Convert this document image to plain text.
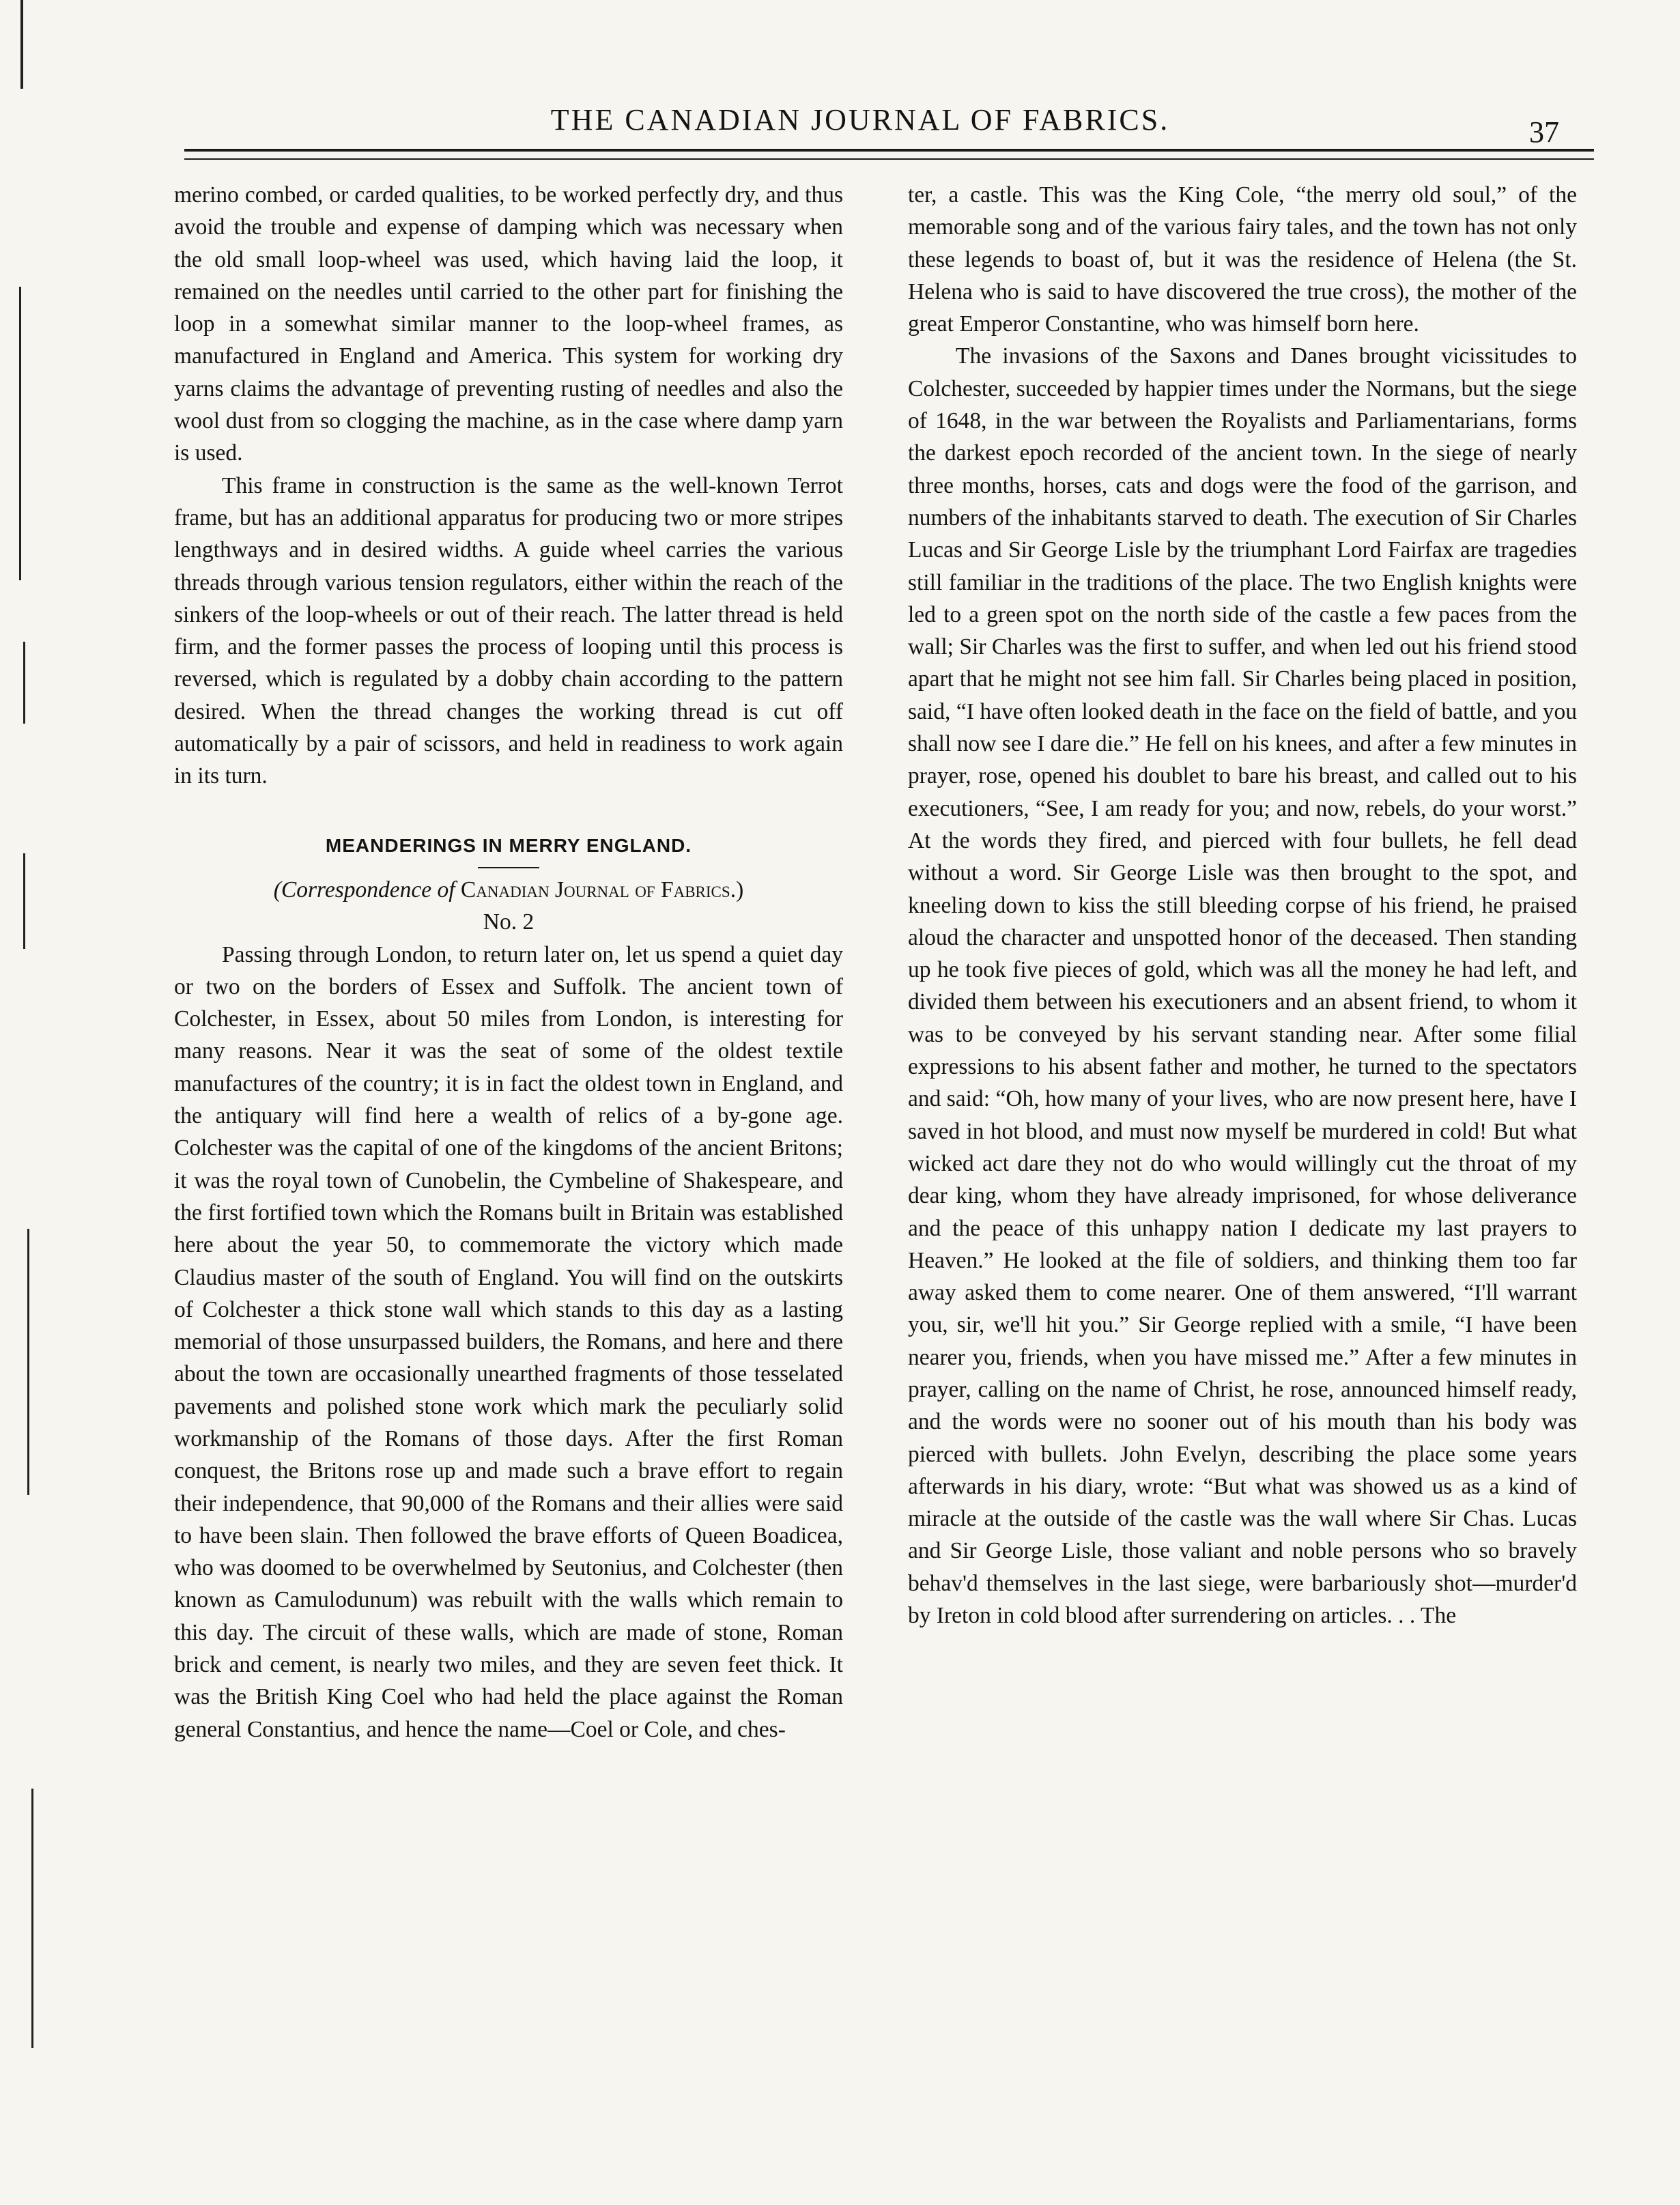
THE CANADIAN JOURNAL OF FABRICS.	37

merino combed, or carded qualities, to be worked perfectly dry, and thus avoid the trouble and expense of damping which was necessary when the old small loop-wheel was used, which having laid the loop, it remained on the needles until carried to the other part for finishing the loop in a somewhat similar manner to the loop-wheel frames, as manufactured in England and America. This system for working dry yarns claims the advantage of preventing rusting of needles and also the wool dust from so clogging the machine, as in the case where damp yarn is used.

This frame in construction is the same as the well-known Terrot frame, but has an additional apparatus for producing two or more stripes lengthways and in desired widths. A guide wheel carries the various threads through various tension regulators, either within the reach of the sinkers of the loop-wheels or out of their reach. The latter thread is held firm, and the former passes the process of looping until this process is reversed, which is regulated by a dobby chain according to the pattern desired. When the thread changes the working thread is cut off automatically by a pair of scissors, and held in readiness to work again in its turn.

MEANDERINGS IN MERRY ENGLAND.
(Correspondence of Canadian Journal of Fabrics.)
No. 2

Passing through London, to return later on, let us spend a quiet day or two on the borders of Essex and Suffolk. The ancient town of Colchester, in Essex, about 50 miles from London, is interesting for many reasons. Near it was the seat of some of the oldest textile manufactures of the country; it is in fact the oldest town in England, and the antiquary will find here a wealth of relics of a by-gone age. Colchester was the capital of one of the kingdoms of the ancient Britons; it was the royal town of Cunobelin, the Cymbeline of Shakespeare, and the first fortified town which the Romans built in Britain was established here about the year 50, to commemorate the victory which made Claudius master of the south of England. You will find on the outskirts of Colchester a thick stone wall which stands to this day as a lasting memorial of those unsurpassed builders, the Romans, and here and there about the town are occasionally unearthed fragments of those tesselated pavements and polished stone work which mark the peculiarly solid workmanship of the Romans of those days. After the first Roman conquest, the Britons rose up and made such a brave effort to regain their independence, that 90,000 of the Romans and their allies were said to have been slain. Then followed the brave efforts of Queen Boadicea, who was doomed to be overwhelmed by Seutonius, and Colchester (then known as Camulodunum) was rebuilt with the walls which remain to this day. The circuit of these walls, which are made of stone, Roman brick and cement, is nearly two miles, and they are seven feet thick. It was the British King Coel who had held the place against the Roman general Constantius, and hence the name—Coel or Cole, and ches-

ter, a castle. This was the King Cole, “the merry old soul,” of the memorable song and of the various fairy tales, and the town has not only these legends to boast of, but it was the residence of Helena (the St. Helena who is said to have discovered the true cross), the mother of the great Emperor Constantine, who was himself born here.

The invasions of the Saxons and Danes brought vicissitudes to Colchester, succeeded by happier times under the Normans, but the siege of 1648, in the war between the Royalists and Parliamentarians, forms the darkest epoch recorded of the ancient town. In the siege of nearly three months, horses, cats and dogs were the food of the garrison, and numbers of the inhabitants starved to death. The execution of Sir Charles Lucas and Sir George Lisle by the triumphant Lord Fairfax are tragedies still familiar in the traditions of the place. The two English knights were led to a green spot on the north side of the castle a few paces from the wall; Sir Charles was the first to suffer, and when led out his friend stood apart that he might not see him fall. Sir Charles being placed in position, said, “I have often looked death in the face on the field of battle, and you shall now see I dare die.” He fell on his knees, and after a few minutes in prayer, rose, opened his doublet to bare his breast, and called out to his executioners, “See, I am ready for you; and now, rebels, do your worst.” At the words they fired, and pierced with four bullets, he fell dead without a word. Sir George Lisle was then brought to the spot, and kneeling down to kiss the still bleeding corpse of his friend, he praised aloud the character and unspotted honor of the deceased. Then standing up he took five pieces of gold, which was all the money he had left, and divided them between his executioners and an absent friend, to whom it was to be conveyed by his servant standing near. After some filial expressions to his absent father and mother, he turned to the spectators and said: “Oh, how many of your lives, who are now present here, have I saved in hot blood, and must now myself be murdered in cold! But what wicked act dare they not do who would willingly cut the throat of my dear king, whom they have already imprisoned, for whose deliverance and the peace of this unhappy nation I dedicate my last prayers to Heaven.” He looked at the file of soldiers, and thinking them too far away asked them to come nearer. One of them answered, “I'll warrant you, sir, we'll hit you.” Sir George replied with a smile, “I have been nearer you, friends, when you have missed me.” After a few minutes in prayer, calling on the name of Christ, he rose, announced himself ready, and the words were no sooner out of his mouth than his body was pierced with bullets. John Evelyn, describing the place some years afterwards in his diary, wrote: “But what was showed us as a kind of miracle at the outside of the castle was the wall where Sir Chas. Lucas and Sir George Lisle, those valiant and noble persons who so bravely behav'd themselves in the last siege, were barbariously shot—murder'd by Ireton in cold blood after surrendering on articles. . . The
